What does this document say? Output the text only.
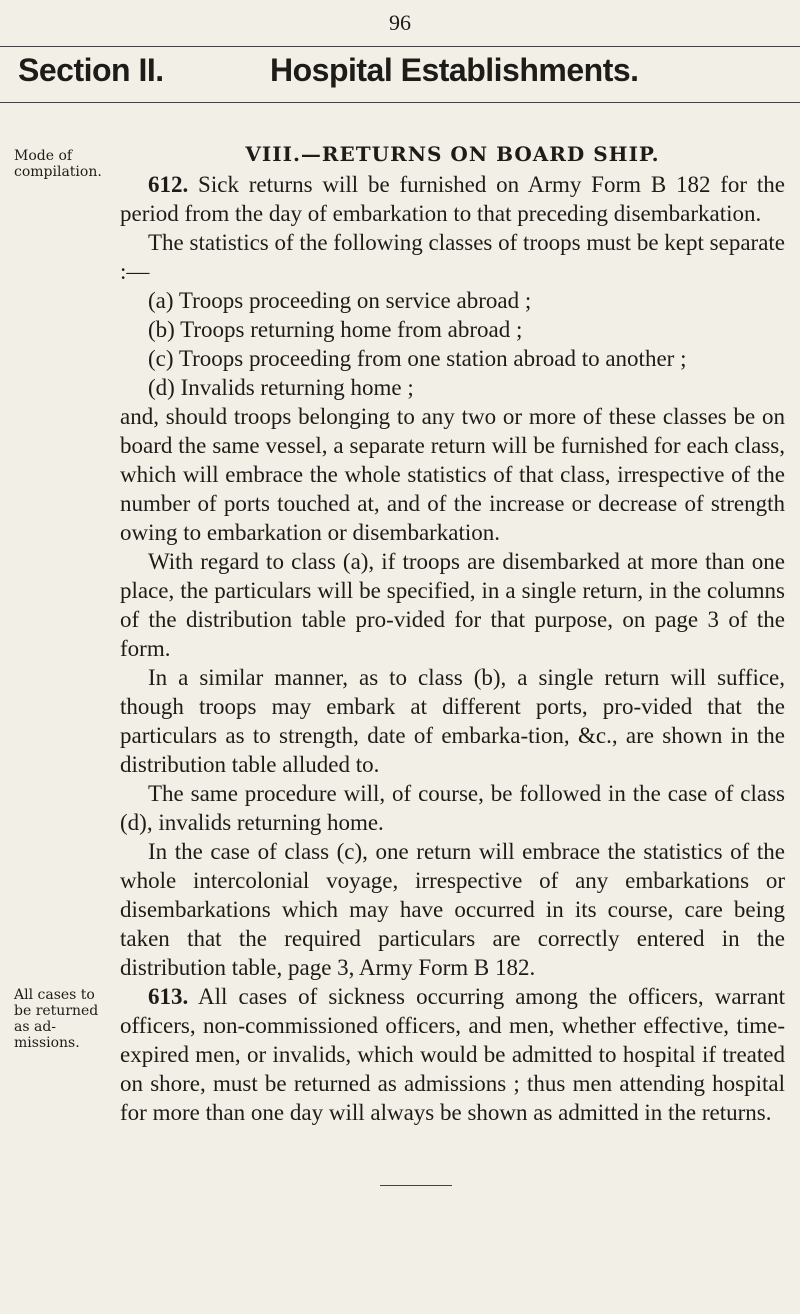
96
Section II.	Hospital Establishments.
VIII.—RETURNS ON BOARD SHIP.
Mode of compilation.
All cases to be returned as ad-missions.

612. Sick returns will be furnished on Army Form B 182 for the period from the day of embarkation to that preceding disembarkation.

The statistics of the following classes of troops must be kept separate :—

(a) Troops proceeding on service abroad ;

(b) Troops returning home from abroad ;

(c) Troops proceeding from one station abroad to another ;

(d) Invalids returning home ;

and, should troops belonging to any two or more of these classes be on board the same vessel, a separate return will be furnished for each class, which will embrace the whole statistics of that class, irrespective of the number of ports touched at, and of the increase or decrease of strength owing to embarkation or disembarkation.

With regard to class (a), if troops are disembarked at more than one place, the particulars will be specified, in a single return, in the columns of the distribution table pro-vided for that purpose, on page 3 of the form.

In a similar manner, as to class (b), a single return will suffice, though troops may embark at different ports, pro-vided that the particulars as to strength, date of embarka-tion, &c., are shown in the distribution table alluded to.

The same procedure will, of course, be followed in the case of class (d), invalids returning home.

In the case of class (c), one return will embrace the statistics of the whole intercolonial voyage, irrespective of any embarkations or disembarkations which may have occurred in its course, care being taken that the required particulars are correctly entered in the distribution table, page 3, Army Form B 182.

613. All cases of sickness occurring among the officers, warrant officers, non-commissioned officers, and men, whether effective, time-expired men, or invalids, which would be admitted to hospital if treated on shore, must be returned as admissions ; thus men attending hospital for more than one day will always be shown as admitted in the returns.
